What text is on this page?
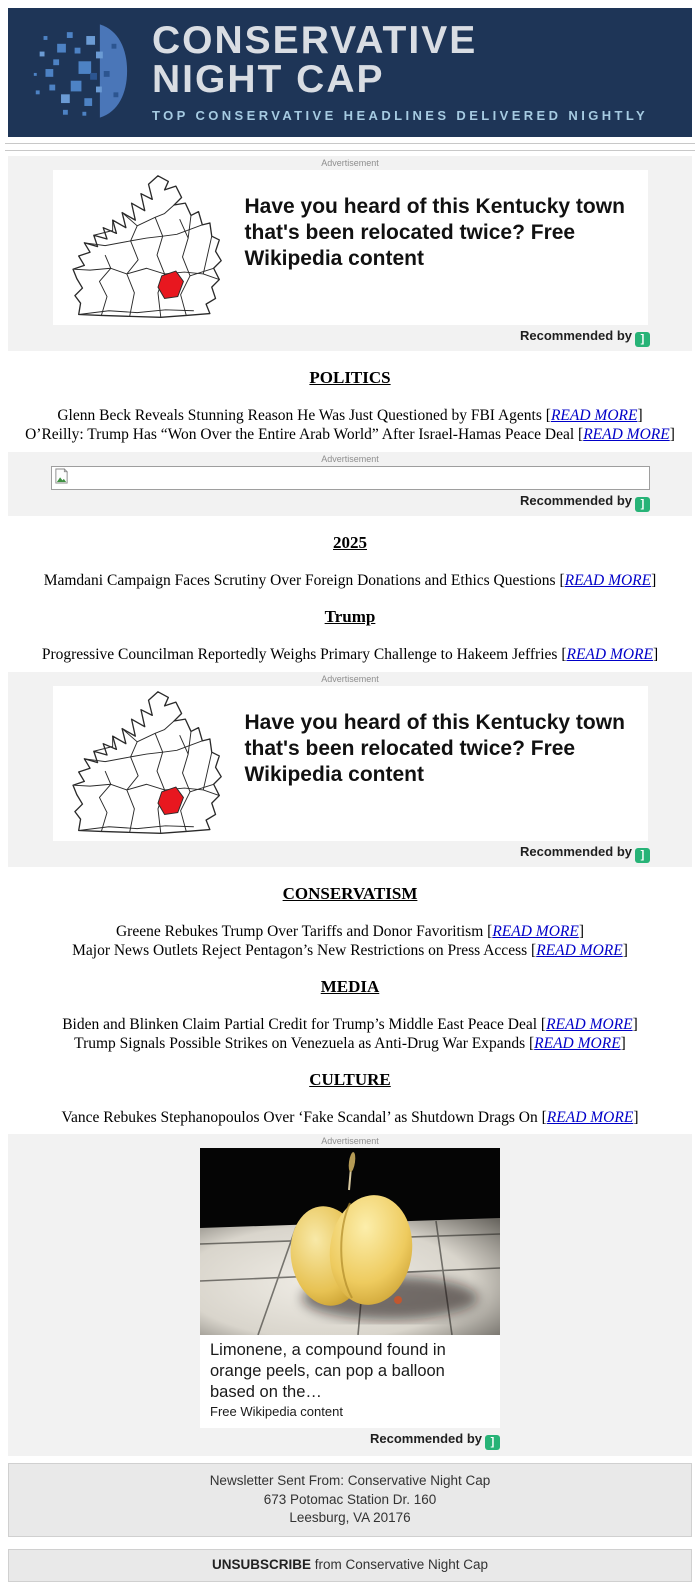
CONSERVATIVE
NIGHT CAP
TOP CONSERVATIVE HEADLINES DELIVERED NIGHTLY
Advertisement
Have you heard of this Kentucky town that's been relocated twice? Free Wikipedia content
Recommended by ]
POLITICS

Glenn Beck Reveals Stunning Reason He Was Just Questioned by FBI Agents [READ MORE]

O’Reilly: Trump Has “Won Over the Entire Arab World” After Israel-Hamas Peace Deal [READ MORE]

Advertisement
Recommended by ]
2025

Mamdani Campaign Faces Scrutiny Over Foreign Donations and Ethics Questions [READ MORE]

Trump

Progressive Councilman Reportedly Weighs Primary Challenge to Hakeem Jeffries [READ MORE]

Advertisement
Have you heard of this Kentucky town that's been relocated twice? Free Wikipedia content
Recommended by ]
CONSERVATISM

Greene Rebukes Trump Over Tariffs and Donor Favoritism [READ MORE]

Major News Outlets Reject Pentagon’s New Restrictions on Press Access [READ MORE]

MEDIA

Biden and Blinken Claim Partial Credit for Trump’s Middle East Peace Deal [READ MORE]

Trump Signals Possible Strikes on Venezuela as Anti-Drug War Expands [READ MORE]

CULTURE

Vance Rebukes Stephanopoulos Over ‘Fake Scandal’ as Shutdown Drags On [READ MORE]

Advertisement
Limonene, a compound found in orange peels, can pop a balloon based on the…
Free Wikipedia content
Recommended by ]
Newsletter Sent From: Conservative Night Cap
673 Potomac Station Dr. 160
Leesburg, VA 20176
UNSUBSCRIBE from Conservative Night Cap
